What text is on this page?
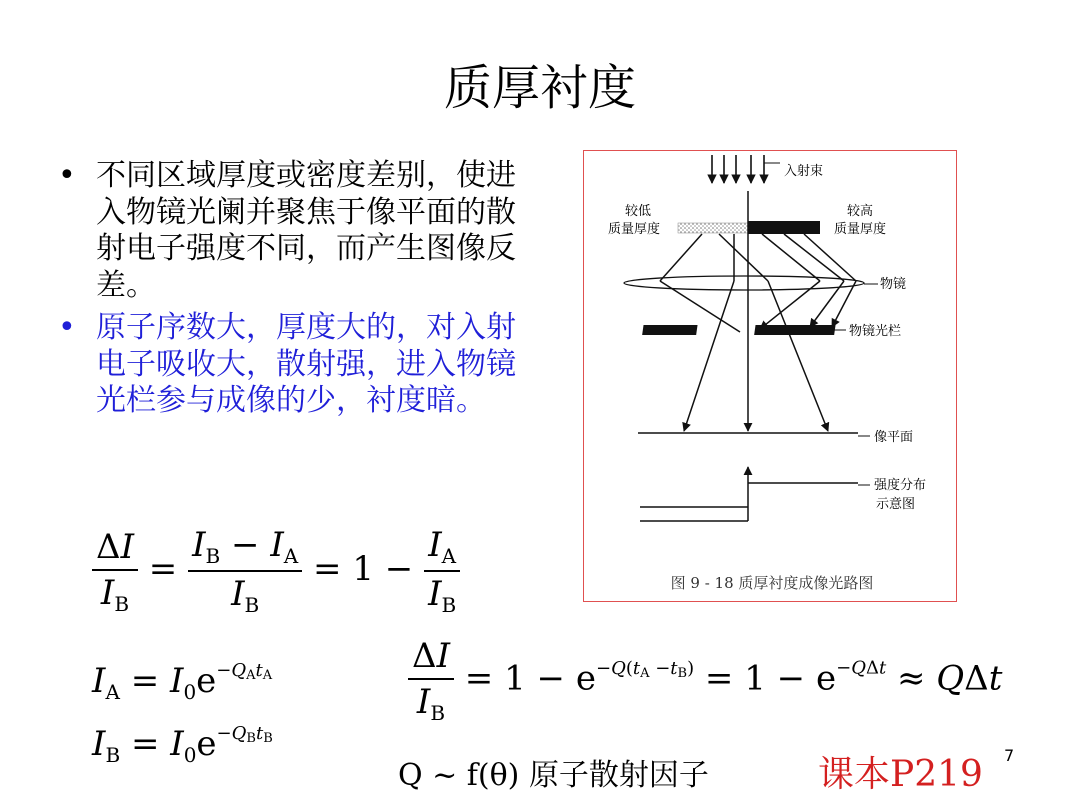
质厚衬度
• 不同区域厚度或密度差别，使进入物镜光阑并聚焦于像平面的散射电子强度不同，而产生图像反差。
• 原子序数大，厚度大的，对入射电子吸收大，散射强，进入物镜光栏参与成像的少，衬度暗。
入射束
较低
质量厚度
较高
质量厚度
物镜
物镜光栏
像平面
强度分布
示意图
图 9 - 18 质厚衬度成像光路图
$\frac{\Delta I}{I_B} = \frac{I_B - I_A}{I_B} = 1 - \frac{I_A}{I_B}$
$I_A = I_0e^{-QAtA}$
$I_B = I_0e^{-QBtB}$
$\frac{\Delta I}{I_B} = 1 - e^{-Q(tA -tB)} = 1 - e^{-Q\Delta t} \approx Q\Delta t$
Q ~ f(θ) 原子散射因子	课本P219 7
